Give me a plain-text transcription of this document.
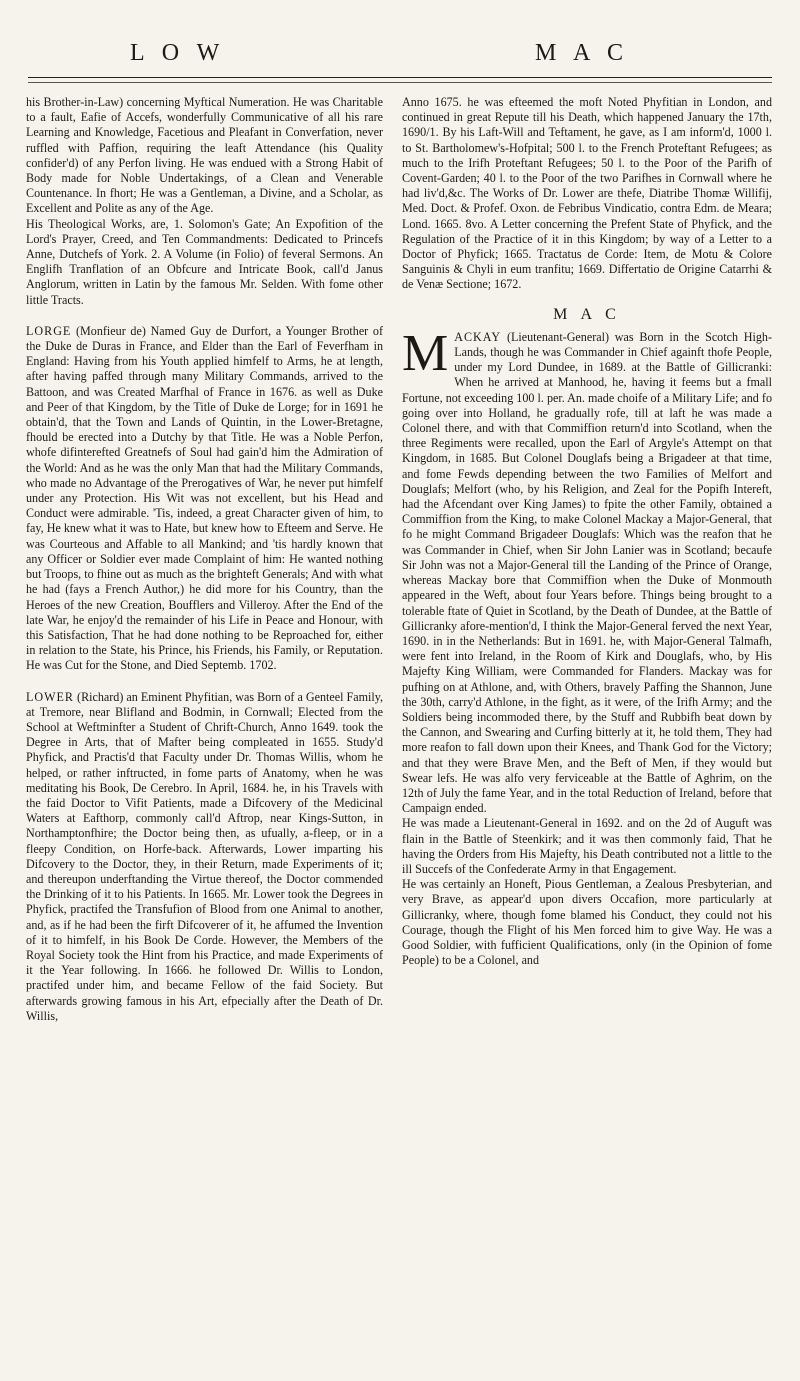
L O W	M A C

his Brother-in-Law) concerning Myftical Numeration. He was Charitable to a fault, Eafie of Accefs, wonderfully Communicative of all his rare Learning and Knowledge, Facetious and Pleafant in Converfation, never ruffled with Paffion, requiring the leaft Attendance (his Quality confider'd) of any Perfon living. He was endued with a Strong Habit of Body made for Noble Undertakings, of a Clean and Venerable Countenance. In fhort; He was a Gentleman, a Divine, and a Scholar, as Excellent and Polite as any of the Age.

His Theological Works, are, 1. Solomon's Gate; An Expofition of the Lord's Prayer, Creed, and Ten Commandments: Dedicated to Princefs Anne, Dutchefs of York. 2. A Volume (in Folio) of feveral Sermons. An Englifh Tranflation of an Obfcure and Intricate Book, call'd Janus Anglorum, written in Latin by the famous Mr. Selden. With fome other little Tracts.

LORGE (Monfieur de) Named Guy de Durfort, a Younger Brother of the Duke de Duras in France, and Elder than the Earl of Feverfham in England: Having from his Youth applied himfelf to Arms, he at length, after having paffed through many Military Commands, arrived to the Battoon, and was Created Marfhal of France in 1676. as well as Duke and Peer of that Kingdom, by the Title of Duke de Lorge; for in 1691 he obtain'd, that the Town and Lands of Quintin, in the Lower-Bretagne, fhould be erected into a Dutchy by that Title. He was a Noble Perfon, whofe difinterefted Greatnefs of Soul had gain'd him the Admiration of the World: And as he was the only Man that had the Military Commands, who made no Advantage of the Prerogatives of War, he never put himfelf under any Protection. His Wit was not excellent, but his Head and Conduct were admirable. 'Tis, indeed, a great Character given of him, to fay, He knew what it was to Hate, but knew how to Efteem and Serve. He was Courteous and Affable to all Mankind; and 'tis hardly known that any Officer or Soldier ever made Complaint of him: He wanted nothing but Troops, to fhine out as much as the brighteft Generals; And with what he had (fays a French Author,) he did more for his Country, than the Heroes of the new Creation, Boufflers and Villeroy. After the End of the late War, he enjoy'd the remainder of his Life in Peace and Honour, with this Satisfaction, That he had done nothing to be Reproached for, either in relation to the State, his Prince, his Friends, his Family, or Reputation. He was Cut for the Stone, and Died Septemb. 1702.

LOWER (Richard) an Eminent Phyfitian, was Born of a Genteel Family, at Tremore, near Blifland and Bodmin, in Cornwall; Elected from the School at Weftminfter a Student of Chrift-Church, Anno 1649. took the Degree in Arts, that of Mafter being compleated in 1655. Study'd Phyfick, and Practis'd that Faculty under Dr. Thomas Willis, whom he helped, or rather inftructed, in fome parts of Anatomy, when he was meditating his Book, De Cerebro. In April, 1684. he, in his Travels with the faid Doctor to Vifit Patients, made a Difcovery of the Medicinal Waters at Eafthorp, commonly call'd Aftrop, near Kings-Sutton, in Northamptonfhire; the Doctor being then, as ufually, a-fleep, or in a fleepy Condition, on Horfe-back. Afterwards, Lower imparting his Difcovery to the Doctor, they, in their Return, made Experiments of it; and thereupon underftanding the Virtue thereof, the Doctor commended the Drinking of it to his Patients. In 1665. Mr. Lower took the Degrees in Phyfick, practifed the Transfufion of Blood from one Animal to another, and, as if he had been the firft Difcoverer of it, he affumed the Invention of it to himfelf, in his Book De Corde. However, the Members of the Royal Society took the Hint from his Practice, and made Experiments of it the Year following. In 1666. he followed Dr. Willis to London, practifed under him, and became Fellow of the faid Society. But afterwards growing famous in his Art, efpecially after the Death of Dr. Willis,

Anno 1675. he was efteemed the moft Noted Phyfitian in London, and continued in great Repute till his Death, which happened January the 17th, 1690/1. By his Laft-Will and Teftament, he gave, as I am inform'd, 1000 l. to St. Bartholomew's-Hofpital; 500 l. to the French Proteftant Refugees; as much to the Irifh Proteftant Refugees; 50 l. to the Poor of the Parifh of Covent-Garden; 40 l. to the Poor of the two Parifhes in Cornwall where he had liv'd,&c. The Works of Dr. Lower are thefe, Diatribe Thomæ Willifij, Med. Doct. & Profef. Oxon. de Febribus Vindicatio, contra Edm. de Meara; Lond. 1665. 8vo. A Letter concerning the Prefent State of Phyfick, and the Regulation of the Practice of it in this Kingdom; by way of a Letter to a Doctor of Phyfick; 1665. Tractatus de Corde: Item, de Motu & Colore Sanguinis & Chyli in eum tranfitu; 1669. Differtatio de Origine Catarrhi & de Venæ Sectione; 1672.

M A C
M ACKAY (Lieutenant-General) was Born in the Scotch High-Lands, though he was Commander in Chief againft thofe People, under my Lord Dundee, in 1689. at the Battle of Gillicranki: When he arrived at Manhood, he, having it feems but a fmall Fortune, not exceeding 100 l. per. An. made choife of a Military Life; and fo going over into Holland, he gradually rofe, till at laft he was made a Colonel there, and with that Commiffion return'd into Scotland, when the three Regiments were recalled, upon the Earl of Argyle's Attempt on that Kingdom, in 1685. But Colonel Douglafs being a Brigadeer at that time, and fome Fewds depending between the two Families of Melfort and Douglafs; Melfort (who, by his Religion, and Zeal for the Popifh Intereft, had the Afcendant over King James) to fpite the other Family, obtained a Commiffion from the King, to make Colonel Mackay a Major-General, that fo he might Command Brigadeer Douglafs: Which was the reafon that he was Commander in Chief, when Sir John Lanier was in Scotland; becaufe Sir John was not a Major-General till the Landing of the Prince of Orange, whereas Mackay bore that Commiffion when the Duke of Monmouth appeared in the Weft, about four Years before. Things being brought to a tolerable ftate of Quiet in Scotland, by the Death of Dundee, at the Battle of Gillicranky afore-mention'd, I think the Major-General ferved the next Year, 1690. in in the Netherlands: But in 1691. he, with Major-General Talmafh, were fent into Ireland, in the Room of Kirk and Douglafs, who, by His Majefty King William, were Commanded for Flanders. Mackay was for pufhing on at Athlone, and, with Others, bravely Paffing the Shannon, June the 30th, carry'd Athlone, in the fight, as it were, of the Irifh Army; and the Soldiers being incommoded there, by the Stuff and Rubbifh beat down by the Cannon, and Swearing and Curfing bitterly at it, he told them, They had more reafon to fall down upon their Knees, and Thank God for the Victory; and that they were Brave Men, and the Beft of Men, if they would but Swear lefs. He was alfo very ferviceable at the Battle of Aghrim, on the 12th of July the fame Year, and in the total Reduction of Ireland, before that Campaign ended.

He was made a Lieutenant-General in 1692. and on the 2d of Auguft was flain in the Battle of Steenkirk; and it was then commonly faid, That he having the Orders from His Majefty, his Death contributed not a little to the ill Succefs of the Confederate Army in that Engagement.

He was certainly an Honeft, Pious Gentleman, a Zealous Presbyterian, and very Brave, as appear'd upon divers Occafion, more particularly at Gillicranky, where, though fome blamed his Conduct, they could not his Courage, though the Flight of his Men forced him to give Way. He was a Good Soldier, with fufficient Qualifications, only (in the Opinion of fome People) to be a Colonel, and
